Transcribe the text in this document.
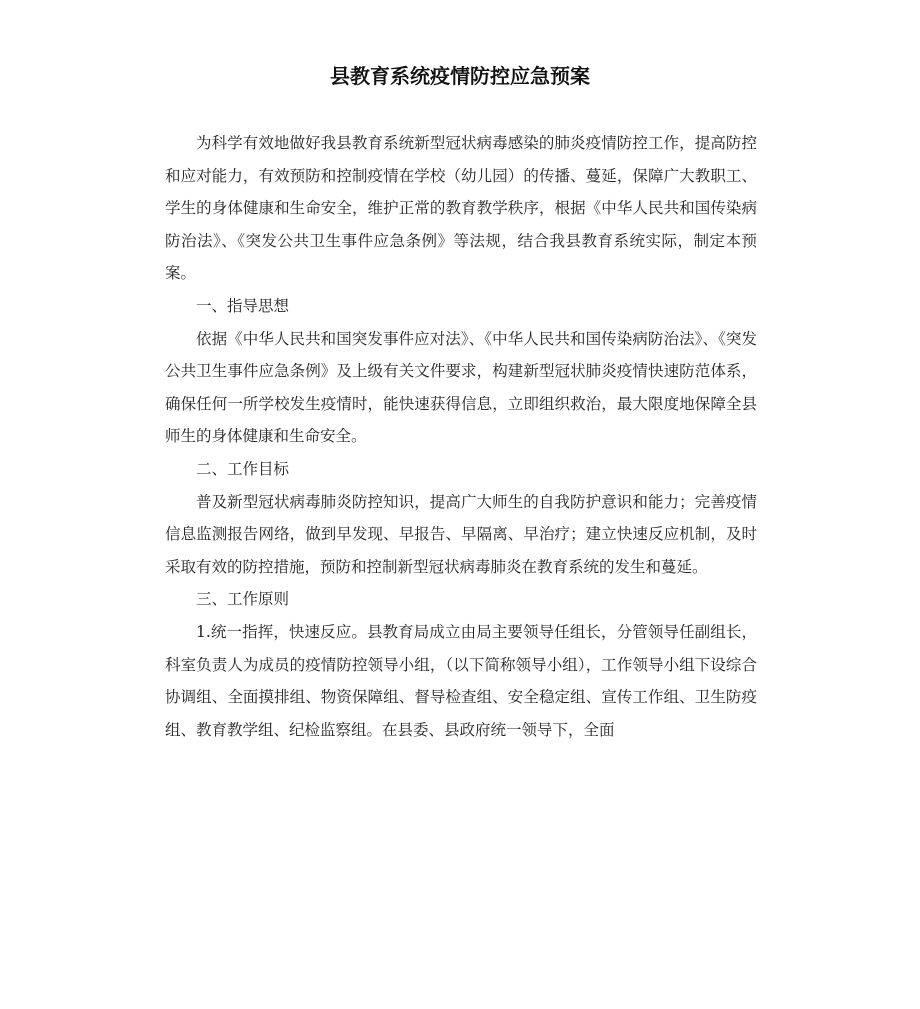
县教育系统疫情防控应急预案

为科学有效地做好我县教育系统新型冠状病毒感染的肺炎疫情防控工作，提高防控和应对能力，有效预防和控制疫情在学校（幼儿园）的传播、蔓延，保障广大教职工、学生的身体健康和生命安全，维护正常的教育教学秩序，根据《中华人民共和国传染病防治法》、《突发公共卫生事件应急条例》等法规，结合我县教育系统实际，制定本预案。

一、指导思想

依据《中华人民共和国突发事件应对法》、《中华人民共和国传染病防治法》、《突发公共卫生事件应急条例》及上级有关文件要求，构建新型冠状肺炎疫情快速防范体系，确保任何一所学校发生疫情时，能快速获得信息，立即组织救治，最大限度地保障全县师生的身体健康和生命安全。

二、工作目标

普及新型冠状病毒肺炎防控知识，提高广大师生的自我防护意识和能力；完善疫情信息监测报告网络，做到早发现、早报告、早隔离、早治疗；建立快速反应机制，及时采取有效的防控措施，预防和控制新型冠状病毒肺炎在教育系统的发生和蔓延。

三、工作原则

1.统一指挥，快速反应。县教育局成立由局主要领导任组长，分管领导任副组长，科室负责人为成员的疫情防控领导小组，（以下简称领导小组），工作领导小组下设综合协调组、全面摸排组、物资保障组、督导检查组、安全稳定组、宣传工作组、卫生防疫组、教育教学组、纪检监察组。在县委、县政府统一领导下，全面
